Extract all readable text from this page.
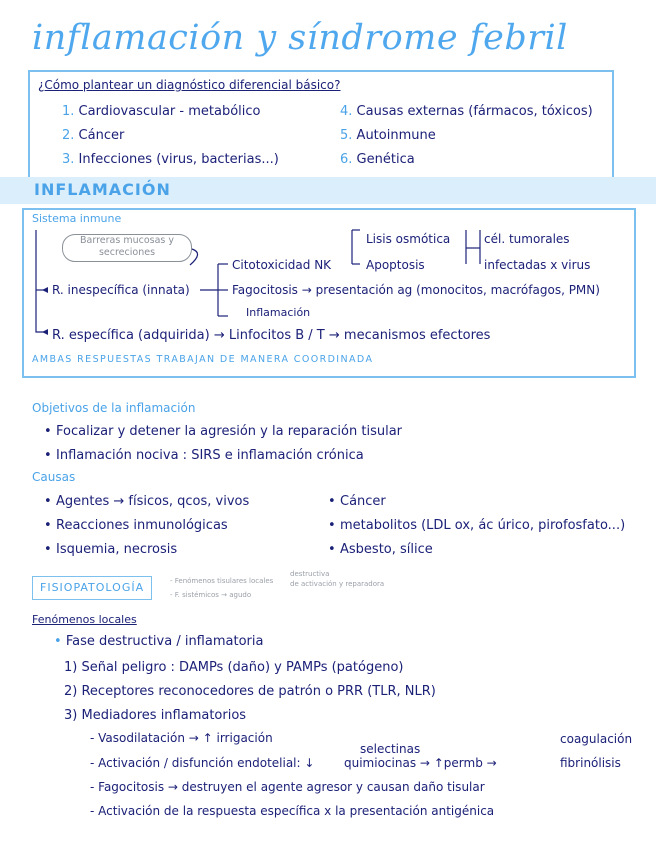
inflamación y síndrome febril
¿Cómo plantear un diagnóstico diferencial básico?
1. Cardiovascular - metabólico
2. Cáncer
3. Infecciones (virus, bacterias...)
4. Causas externas (fármacos, tóxicos)
5. Autoinmune
6. Genética
INFLAMACIÓN
Sistema inmune
Barreras mucosas y secreciones
R. inespecífica (innata)
Citotoxicidad NK
Lisis osmótica
Apoptosis
cél. tumorales
infectadas x virus
Fagocitosis → presentación ag (monocitos, macrófagos, PMN)
Inflamación
R. específica (adquirida) → Linfocitos B / T → mecanismos efectores
AMBAS RESPUESTAS TRABAJAN DE MANERA COORDINADA
Objetivos de la inflamación
• Focalizar y detener la agresión y la reparación tisular
• Inflamación nociva : SIRS e inflamación crónica
Causas
• Agentes → físicos, qcos, vivos
• Reacciones inmunológicas
• Isquemia, necrosis
• Cáncer
• metabolitos (LDL ox, ác úrico, pirofosfato...)
• Asbesto, sílice
FISIOPATOLOGÍA	- Fenómenos tisulares locales
destructiva
de activación y reparadora
- F. sistémicos → agudo
Fenómenos locales
• Fase destructiva / inflamatoria
1) Señal peligro : DAMPs (daño) y PAMPs (patógeno)
2) Receptores reconocedores de patrón o PRR (TLR, NLR)
3) Mediadores inflamatorios
- Vasodilatación → ↑ irrigación
- Activación / disfunción endotelial: ↓
selectinas
quimiocinas → ↑permb →
coagulación
fibrinólisis
- Fagocitosis → destruyen el agente agresor y causan daño tisular
- Activación de la respuesta específica x la presentación antigénica
